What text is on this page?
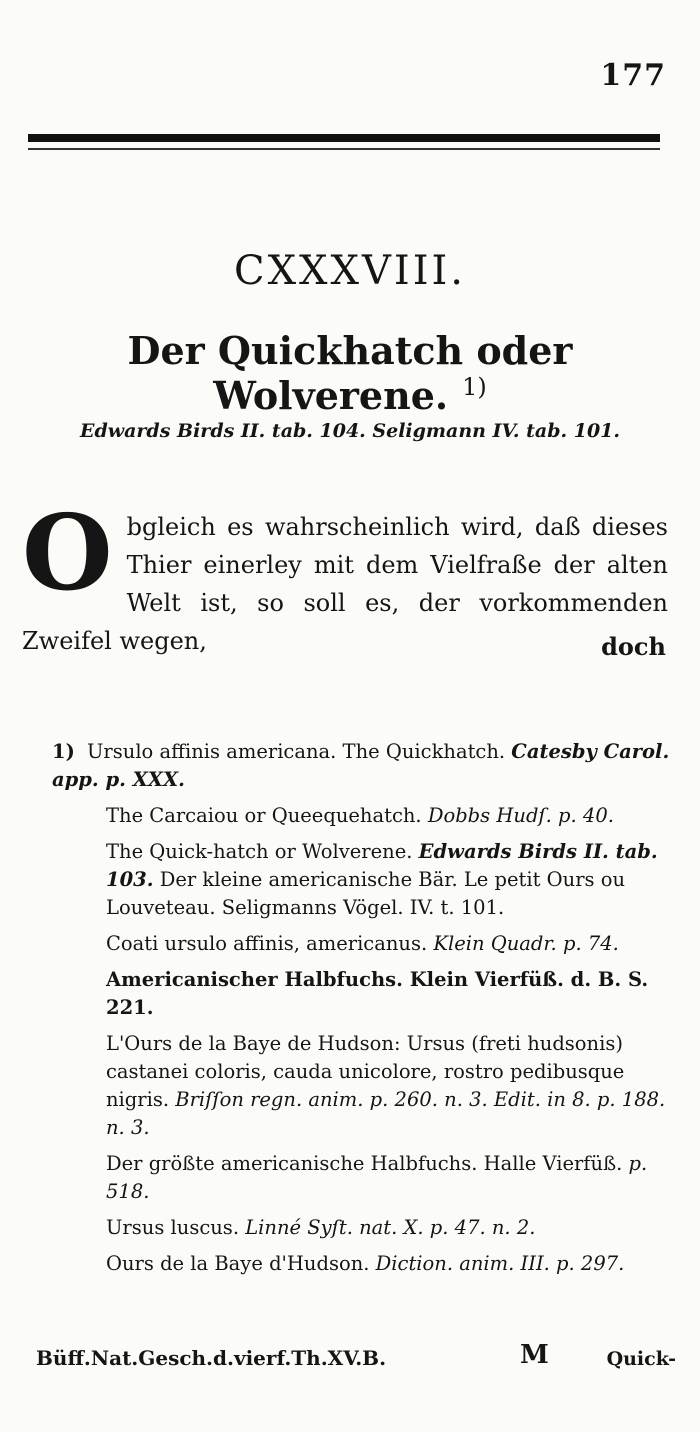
177
CXXXVIII.
Der Quickhatch oder Wolverene. $^{1)}$
Edwards Birds II. tab. 104. Seligmann IV. tab. 101.
O bgleich es wahrscheinlich wird, daß dieses Thier einerley mit dem Vielfraße der alten Welt ist, so soll es, der vorkommenden Zweifel wegen,	doch

1) Ursulo affinis americana. The Quickhatch. Catesby Carol. app. p. XXX.

The Carcaiou or Queequehatch. Dobbs Hudſ. p. 40.

The Quick-hatch or Wolverene. Edwards Birds II. tab. 103. Der kleine americanische Bär. Le petit Ours ou Louveteau. Seligmanns Vögel. IV. t. 101.

Coati ursulo affinis, americanus. Klein Quadr. p. 74.

Americanischer Halbfuchs. Klein Vierfüß. d. B. S. 221.

L'Ours de la Baye de Hudson: Ursus (freti hudsonis) castanei coloris, cauda unicolore, rostro pedibusque nigris. Briſſon regn. anim. p. 260. n. 3. Edit. in 8. p. 188. n. 3.

Der größte americanische Halbfuchs. Halle Vierfüß. p. 518.

Ursus luscus. Linné Syſt. nat. X. p. 47. n. 2.

Ours de la Baye d'Hudson. Diction. anim. III. p. 297.

Büff.Nat.Gesch.d.vierf.Th.XV.B.	M	Quick-
